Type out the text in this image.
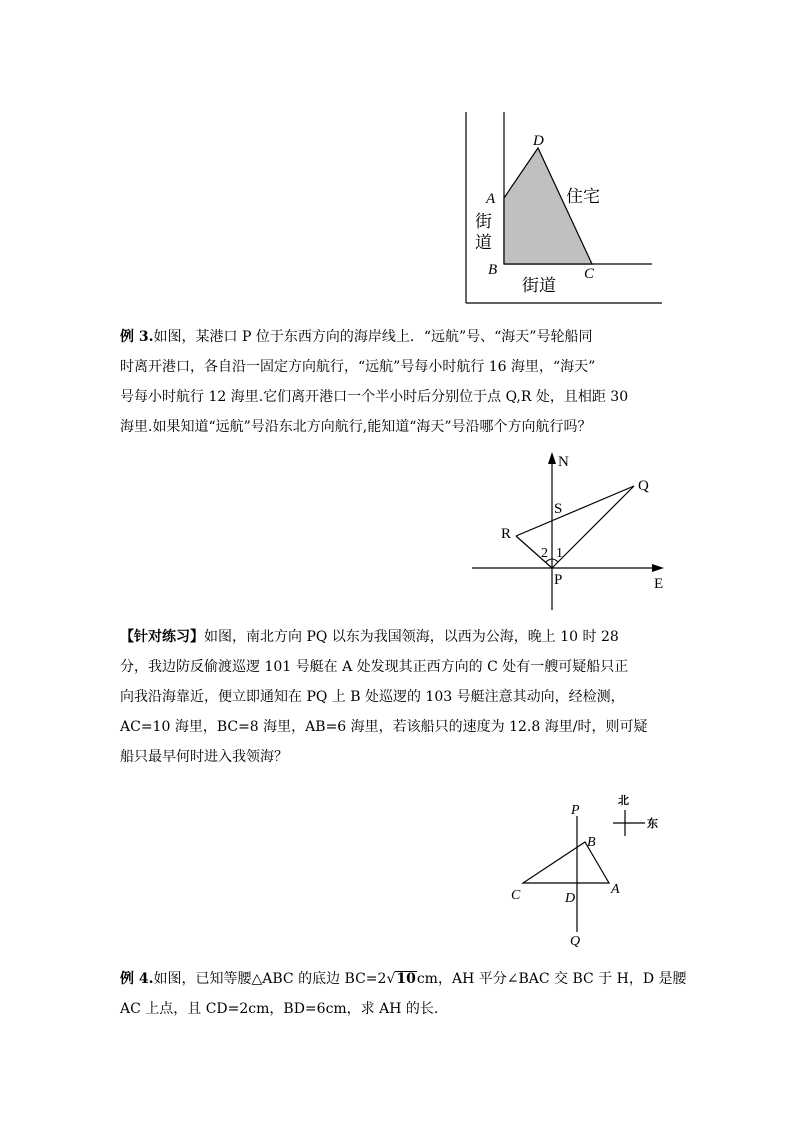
D
A
B	C
住宅
街
道
街道
例 3.如图，某港口 P 位于东西方向的海岸线上．“远航”号、“海天”号轮船同
时离开港口，各自沿一固定方向航行，“远航”号每小时航行 16 海里，“海天”
号每小时航行 12 海里.它们离开港口一个半小时后分别位于点 Q,R 处，且相距 30
海里.如果知道“远航”号沿东北方向航行,能知道“海天”号沿哪个方向航行吗？
N
Q
S
R
2 1
P	E
【针对练习】如图，南北方向 PQ 以东为我国领海，以西为公海，晚上 10 时 28
分，我边防反偷渡巡逻 101 号艇在 A 处发现其正西方向的 C 处有一艘可疑船只正
向我沿海靠近，便立即通知在 PQ 上 B 处巡逻的 103 号艇注意其动向，经检测，
AC=10 海里，BC=8 海里，AB=6 海里，若该船只的速度为 12.8 海里/时，则可疑
船只最早何时进入我领海？
北
东
P
B
C	D
A
Q
例 4.如图，已知等腰△ABC 的底边 BC=2√10cm，AH 平分∠BAC 交 BC 于 H，D 是腰
AC 上点，且 CD=2cm，BD=6cm，求 AH 的长.
